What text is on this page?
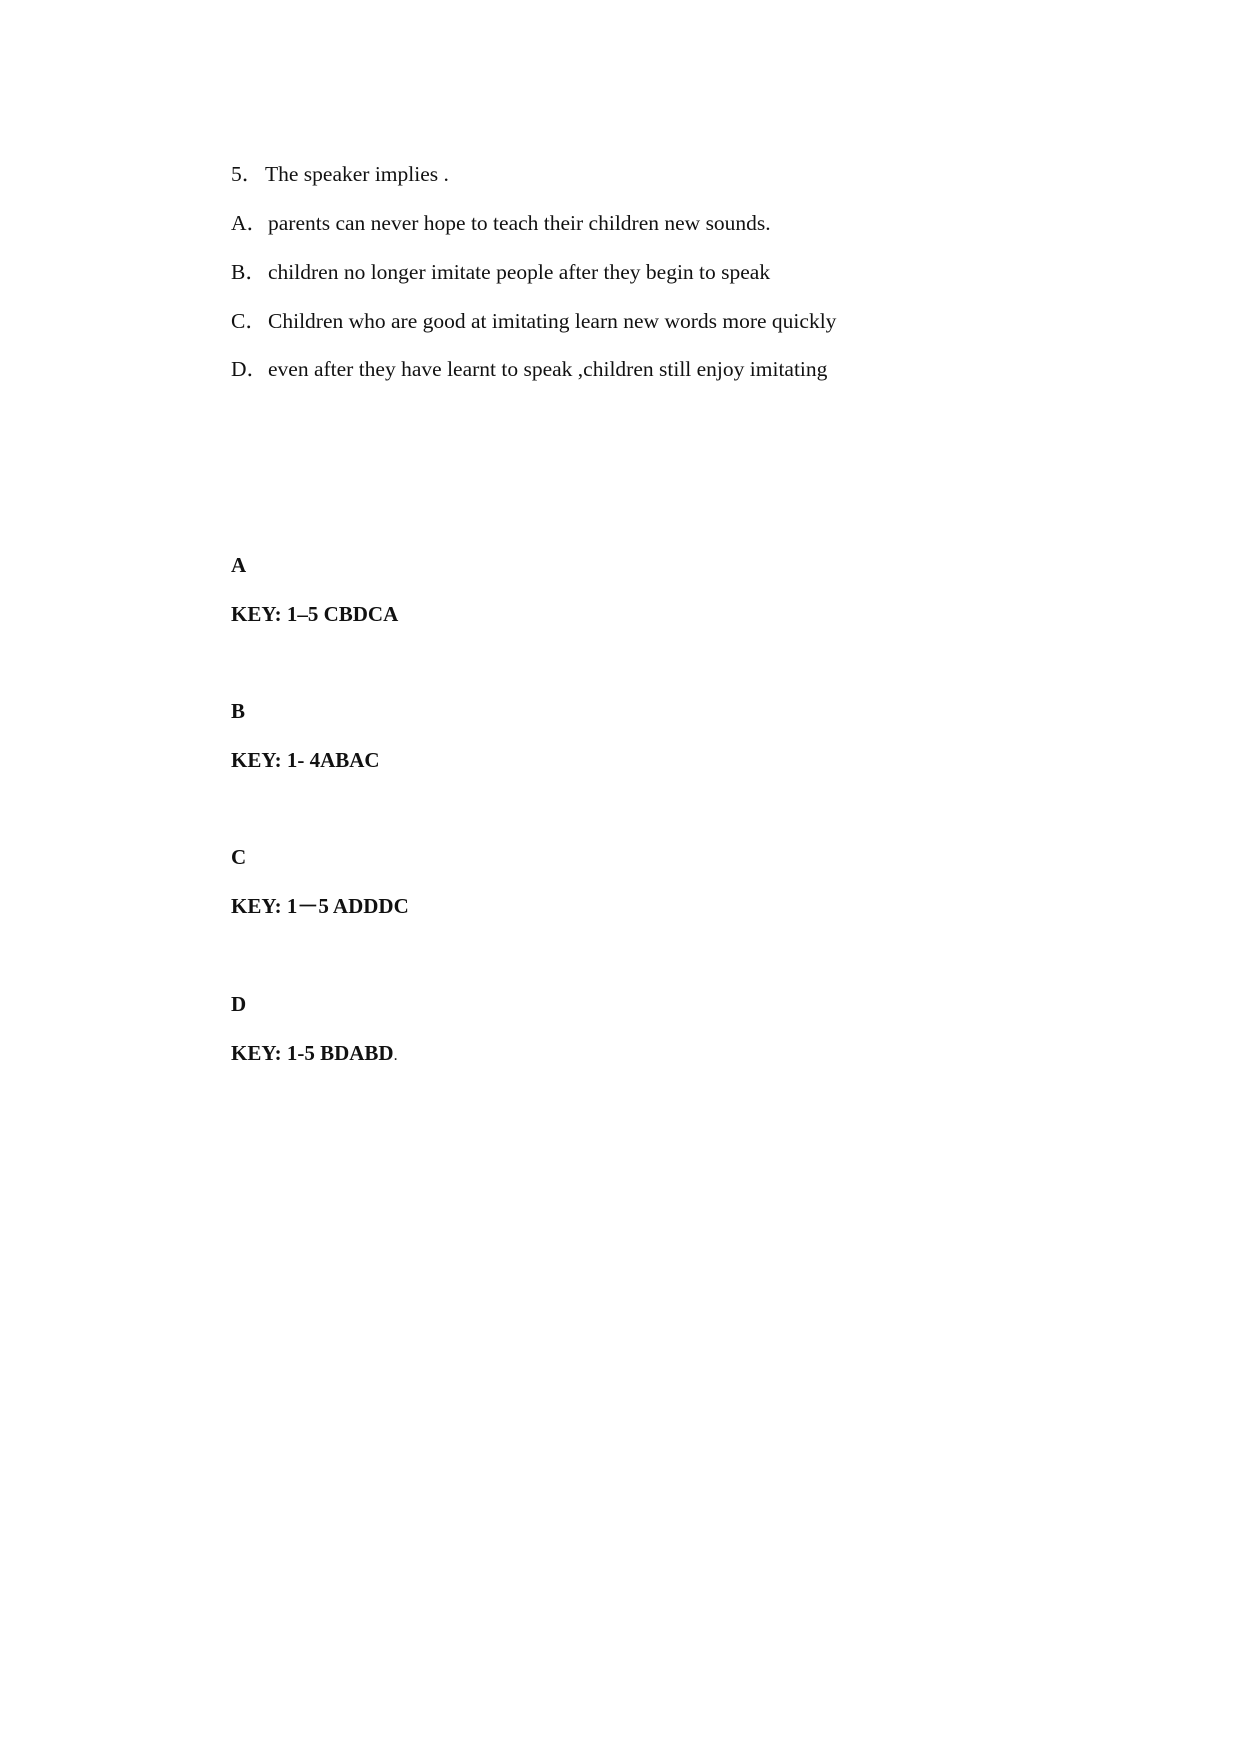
5．The speaker implies .
A．parents can never hope to teach their children new sounds.
B．children no longer imitate people after they begin to speak
C．Children who are good at imitating learn new words more quickly
D．even after they have learnt to speak ,children still enjoy imitating
A
KEY: 1–5 CBDCA
B
KEY: 1- 4ABAC
C
KEY: 1－5 ADDDC
D
KEY: 1-5 BDABD.
